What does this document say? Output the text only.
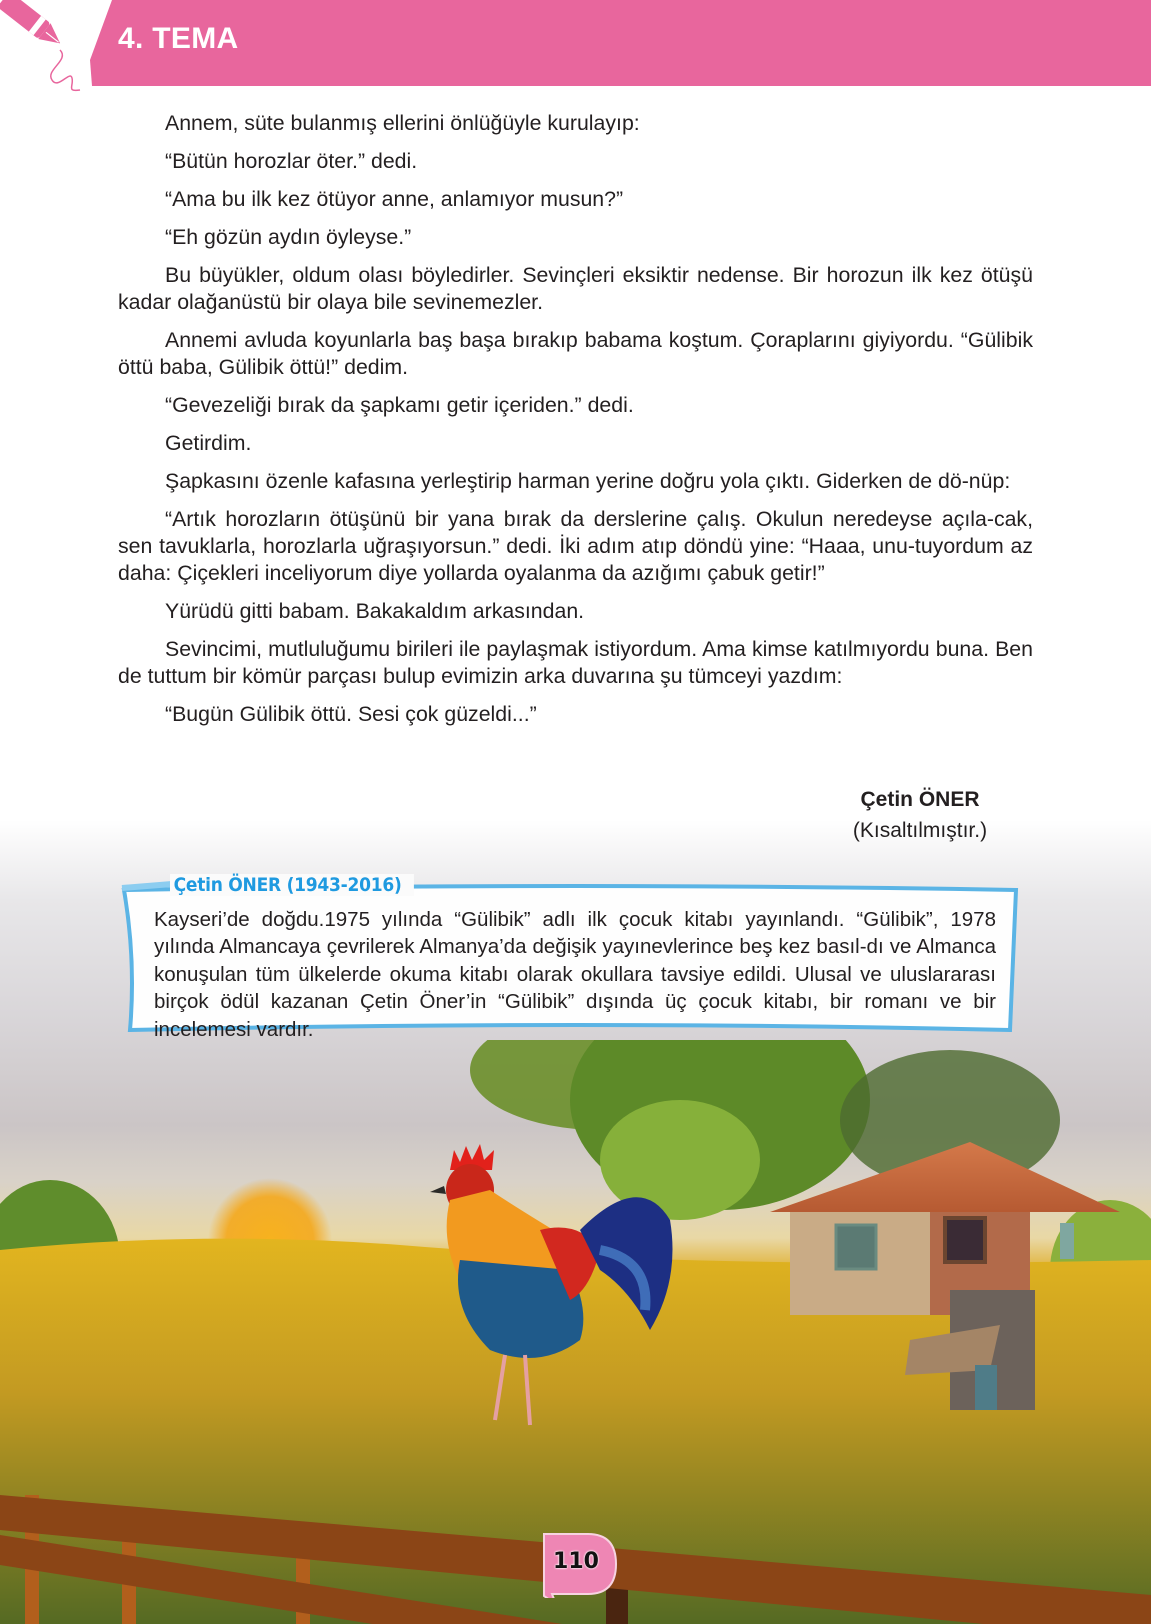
4. TEMA

Annem, süte bulanmış ellerini önlüğüyle kurulayıp:

“Bütün horozlar öter.” dedi.

“Ama bu ilk kez ötüyor anne, anlamıyor musun?”

“Eh gözün aydın öyleyse.”

Bu büyükler, oldum olası böyledirler. Sevinçleri eksiktir nedense. Bir horozun ilk kez ötüşü kadar olağanüstü bir olaya bile sevinemezler.

Annemi avluda koyunlarla baş başa bırakıp babama koştum. Çoraplarını giyiyordu. “Gülibik öttü baba, Gülibik öttü!” dedim.

“Gevezeliği bırak da şapkamı getir içeriden.” dedi.

Getirdim.

Şapkasını özenle kafasına yerleştirip harman yerine doğru yola çıktı. Giderken de dö-nüp:

“Artık horozların ötüşünü bir yana bırak da derslerine çalış. Okulun neredeyse açıla-cak, sen tavuklarla, horozlarla uğraşıyorsun.” dedi. İki adım atıp döndü yine: “Haaa, unu-tuyordum az daha: Çiçekleri inceliyorum diye yollarda oyalanma da azığımı çabuk getir!”

Yürüdü gitti babam. Bakakaldım arkasından.

Sevincimi, mutluluğumu birileri ile paylaşmak istiyordum. Ama kimse katılmıyordu buna. Ben de tuttum bir kömür parçası bulup evimizin arka duvarına şu tümceyi yazdım:

“Bugün Gülibik öttü. Sesi çok güzeldi...”

Çetin ÖNER
(Kısaltılmıştır.)
Çetin ÖNER (1943-2016)
Kayseri’de doğdu.1975 yılında “Gülibik” adlı ilk çocuk kitabı yayınlandı. “Gülibik”, 1978 yılında Almancaya çevrilerek Almanya’da değişik yayınevlerince beş kez basıl-dı ve Almanca konuşulan tüm ülkelerde okuma kitabı olarak okullara tavsiye edildi. Ulusal ve uluslararası birçok ödül kazanan Çetin Öner’in “Gülibik” dışında üç çocuk kitabı, bir romanı ve bir incelemesi vardır.
110
